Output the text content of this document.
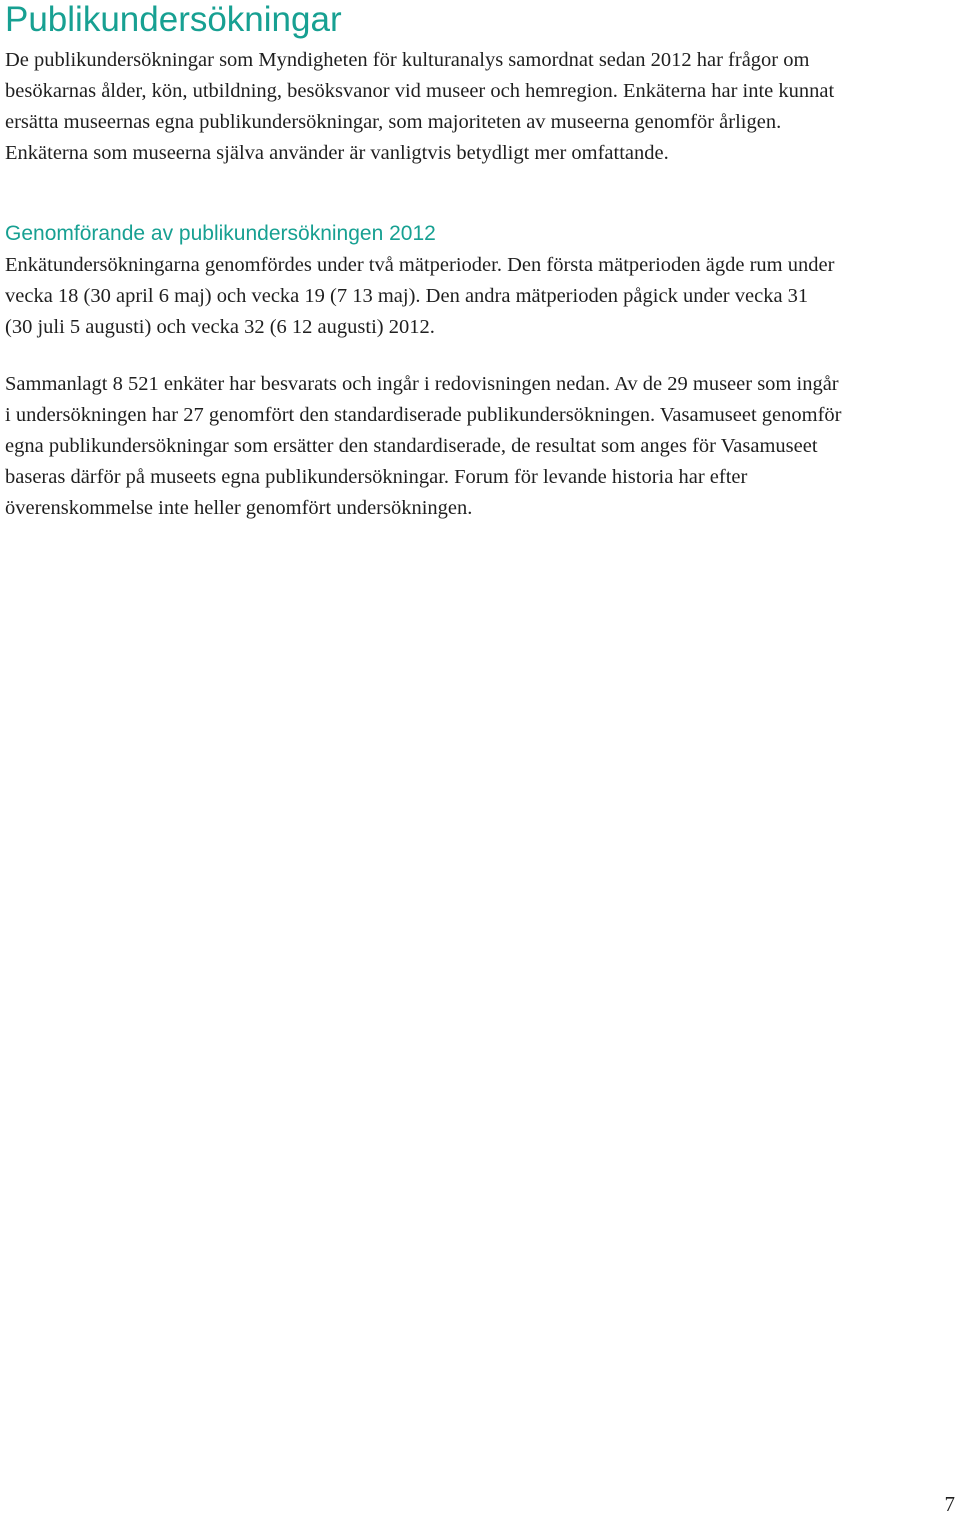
Publikundersökningar

De publikundersökningar som Myndigheten för kulturanalys samordnat sedan 2012 har frågor om
besökarnas ålder, kön, utbildning, besöksvanor vid museer och hemregion. Enkäterna har inte kunnat
ersätta museernas egna publikundersökningar, som majoriteten av museerna genomför årligen.
Enkäterna som museerna själva använder är vanligtvis betydligt mer omfattande.

Genomförande av publikundersökningen 2012

Enkätundersökningarna genomfördes under två mätperioder. Den första mätperioden ägde rum under
vecka 18 (30 april 6 maj) och vecka 19 (7 13 maj). Den andra mätperioden pågick under vecka 31
(30 juli 5 augusti) och vecka 32 (6 12 augusti) 2012.

Sammanlagt 8 521 enkäter har besvarats och ingår i redovisningen nedan. Av de 29 museer som ingår
i undersökningen har 27 genomfört den standardiserade publikundersökningen. Vasamuseet genomför
egna publikundersökningar som ersätter den standardiserade, de resultat som anges för Vasamuseet
baseras därför på museets egna publikundersökningar. Forum för levande historia har efter
överenskommelse inte heller genomfört undersökningen.

7
